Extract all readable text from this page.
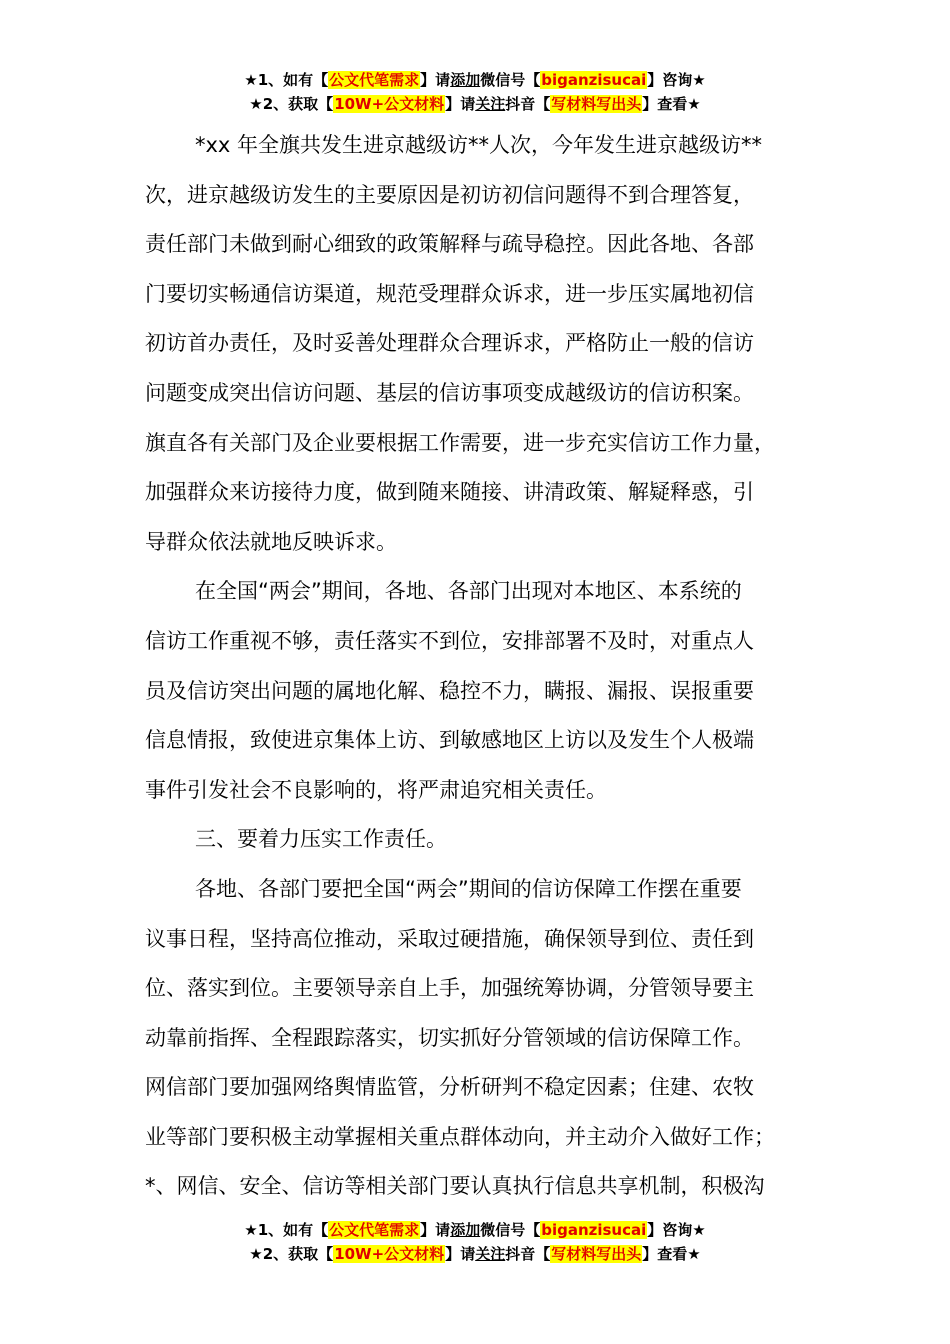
★1、如有【公文代笔需求】请添加微信号【biganzisucai】咨询★
★2、获取【10W+公文材料】请关注抖音【写材料写出头】查看★
*xx 年全旗共发生进京越级访**人次，今年发生进京越级访**
次，进京越级访发生的主要原因是初访初信问题得不到合理答复，
责任部门未做到耐心细致的政策解释与疏导稳控。因此各地、各部
门要切实畅通信访渠道，规范受理群众诉求，进一步压实属地初信
初访首办责任，及时妥善处理群众合理诉求，严格防止一般的信访
问题变成突出信访问题、基层的信访事项变成越级访的信访积案。
旗直各有关部门及企业要根据工作需要，进一步充实信访工作力量，
加强群众来访接待力度，做到随来随接、讲清政策、解疑释惑，引
导群众依法就地反映诉求。
在全国“两会”期间，各地、各部门出现对本地区、本系统的
信访工作重视不够，责任落实不到位，安排部署不及时，对重点人
员及信访突出问题的属地化解、稳控不力，瞒报、漏报、误报重要
信息情报，致使进京集体上访、到敏感地区上访以及发生个人极端
事件引发社会不良影响的，将严肃追究相关责任。
三、要着力压实工作责任。
各地、各部门要把全国“两会”期间的信访保障工作摆在重要
议事日程，坚持高位推动，采取过硬措施，确保领导到位、责任到
位、落实到位。主要领导亲自上手，加强统筹协调，分管领导要主
动靠前指挥、全程跟踪落实，切实抓好分管领域的信访保障工作。
网信部门要加强网络舆情监管，分析研判不稳定因素；住建、农牧
业等部门要积极主动掌握相关重点群体动向，并主动介入做好工作；
*、网信、安全、信访等相关部门要认真执行信息共享机制，积极沟
★1、如有【公文代笔需求】请添加微信号【biganzisucai】咨询★
★2、获取【10W+公文材料】请关注抖音【写材料写出头】查看★
